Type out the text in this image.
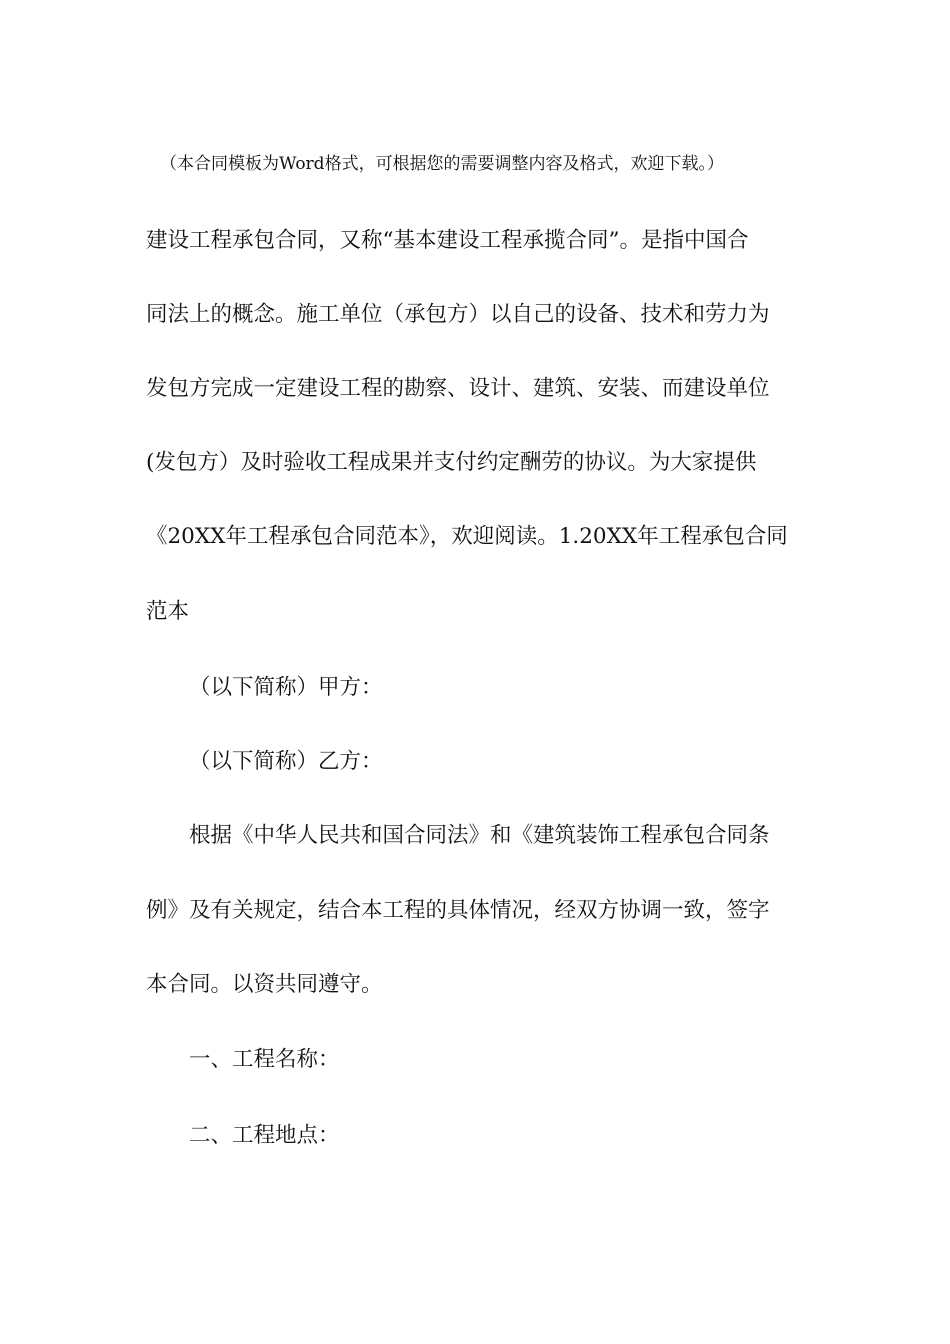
（本合同模板为Word格式，可根据您的需要调整内容及格式，欢迎下载。）
建设工程承包合同，又称“基本建设工程承揽合同”。是指中国合
同法上的概念。施工单位（承包方）以自己的设备、技术和劳力为
发包方完成一定建设工程的勘察、设计、建筑、安装、而建设单位
(发包方）及时验收工程成果并支付约定酬劳的协议。为大家提供
《20XX年工程承包合同范本》，欢迎阅读。1.20XX年工程承包合同
范本
（以下简称）甲方：
（以下简称）乙方：
根据《中华人民共和国合同法》和《建筑装饰工程承包合同条
例》及有关规定，结合本工程的具体情况，经双方协调一致，签字
本合同。以资共同遵守。
一、工程名称：
二、工程地点：
